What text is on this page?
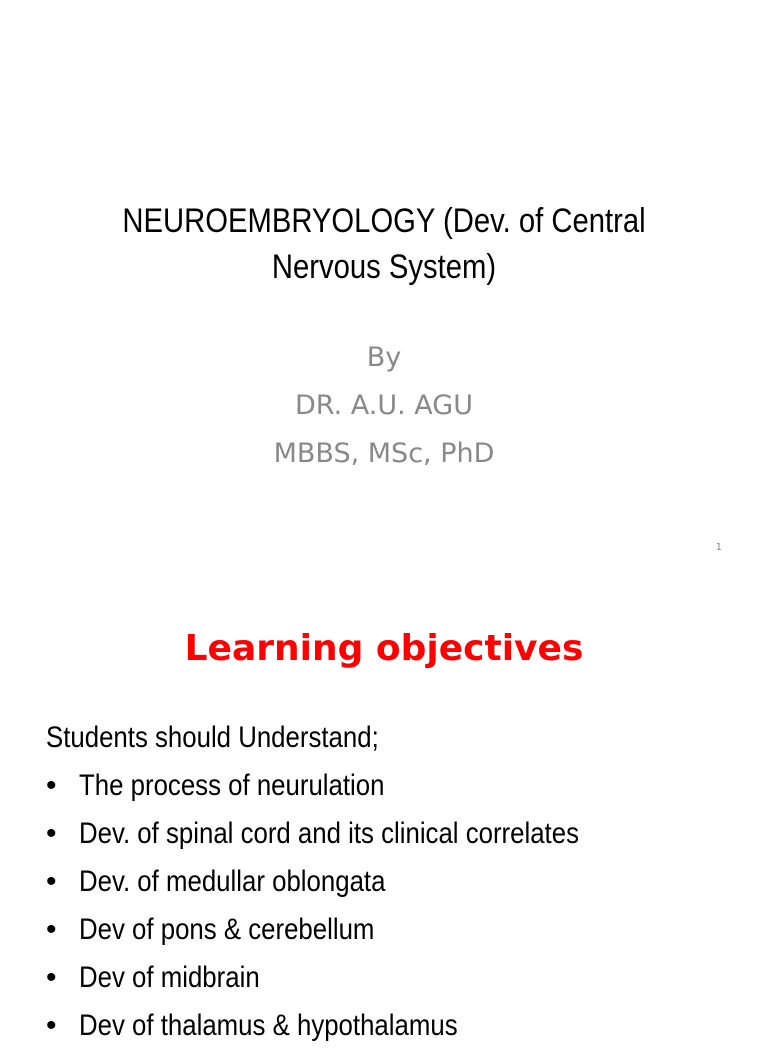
NEUROEMBRYOLOGY (Dev. of Central
Nervous System)
By
DR. A.U. AGU
MBBS, MSc, PhD
1
Learning objectives
Students should Understand;
• The process of neurulation
• Dev. of spinal cord and its clinical correlates
• Dev. of medullar oblongata
• Dev of pons & cerebellum
• Dev of midbrain
• Dev of thalamus & hypothalamus
